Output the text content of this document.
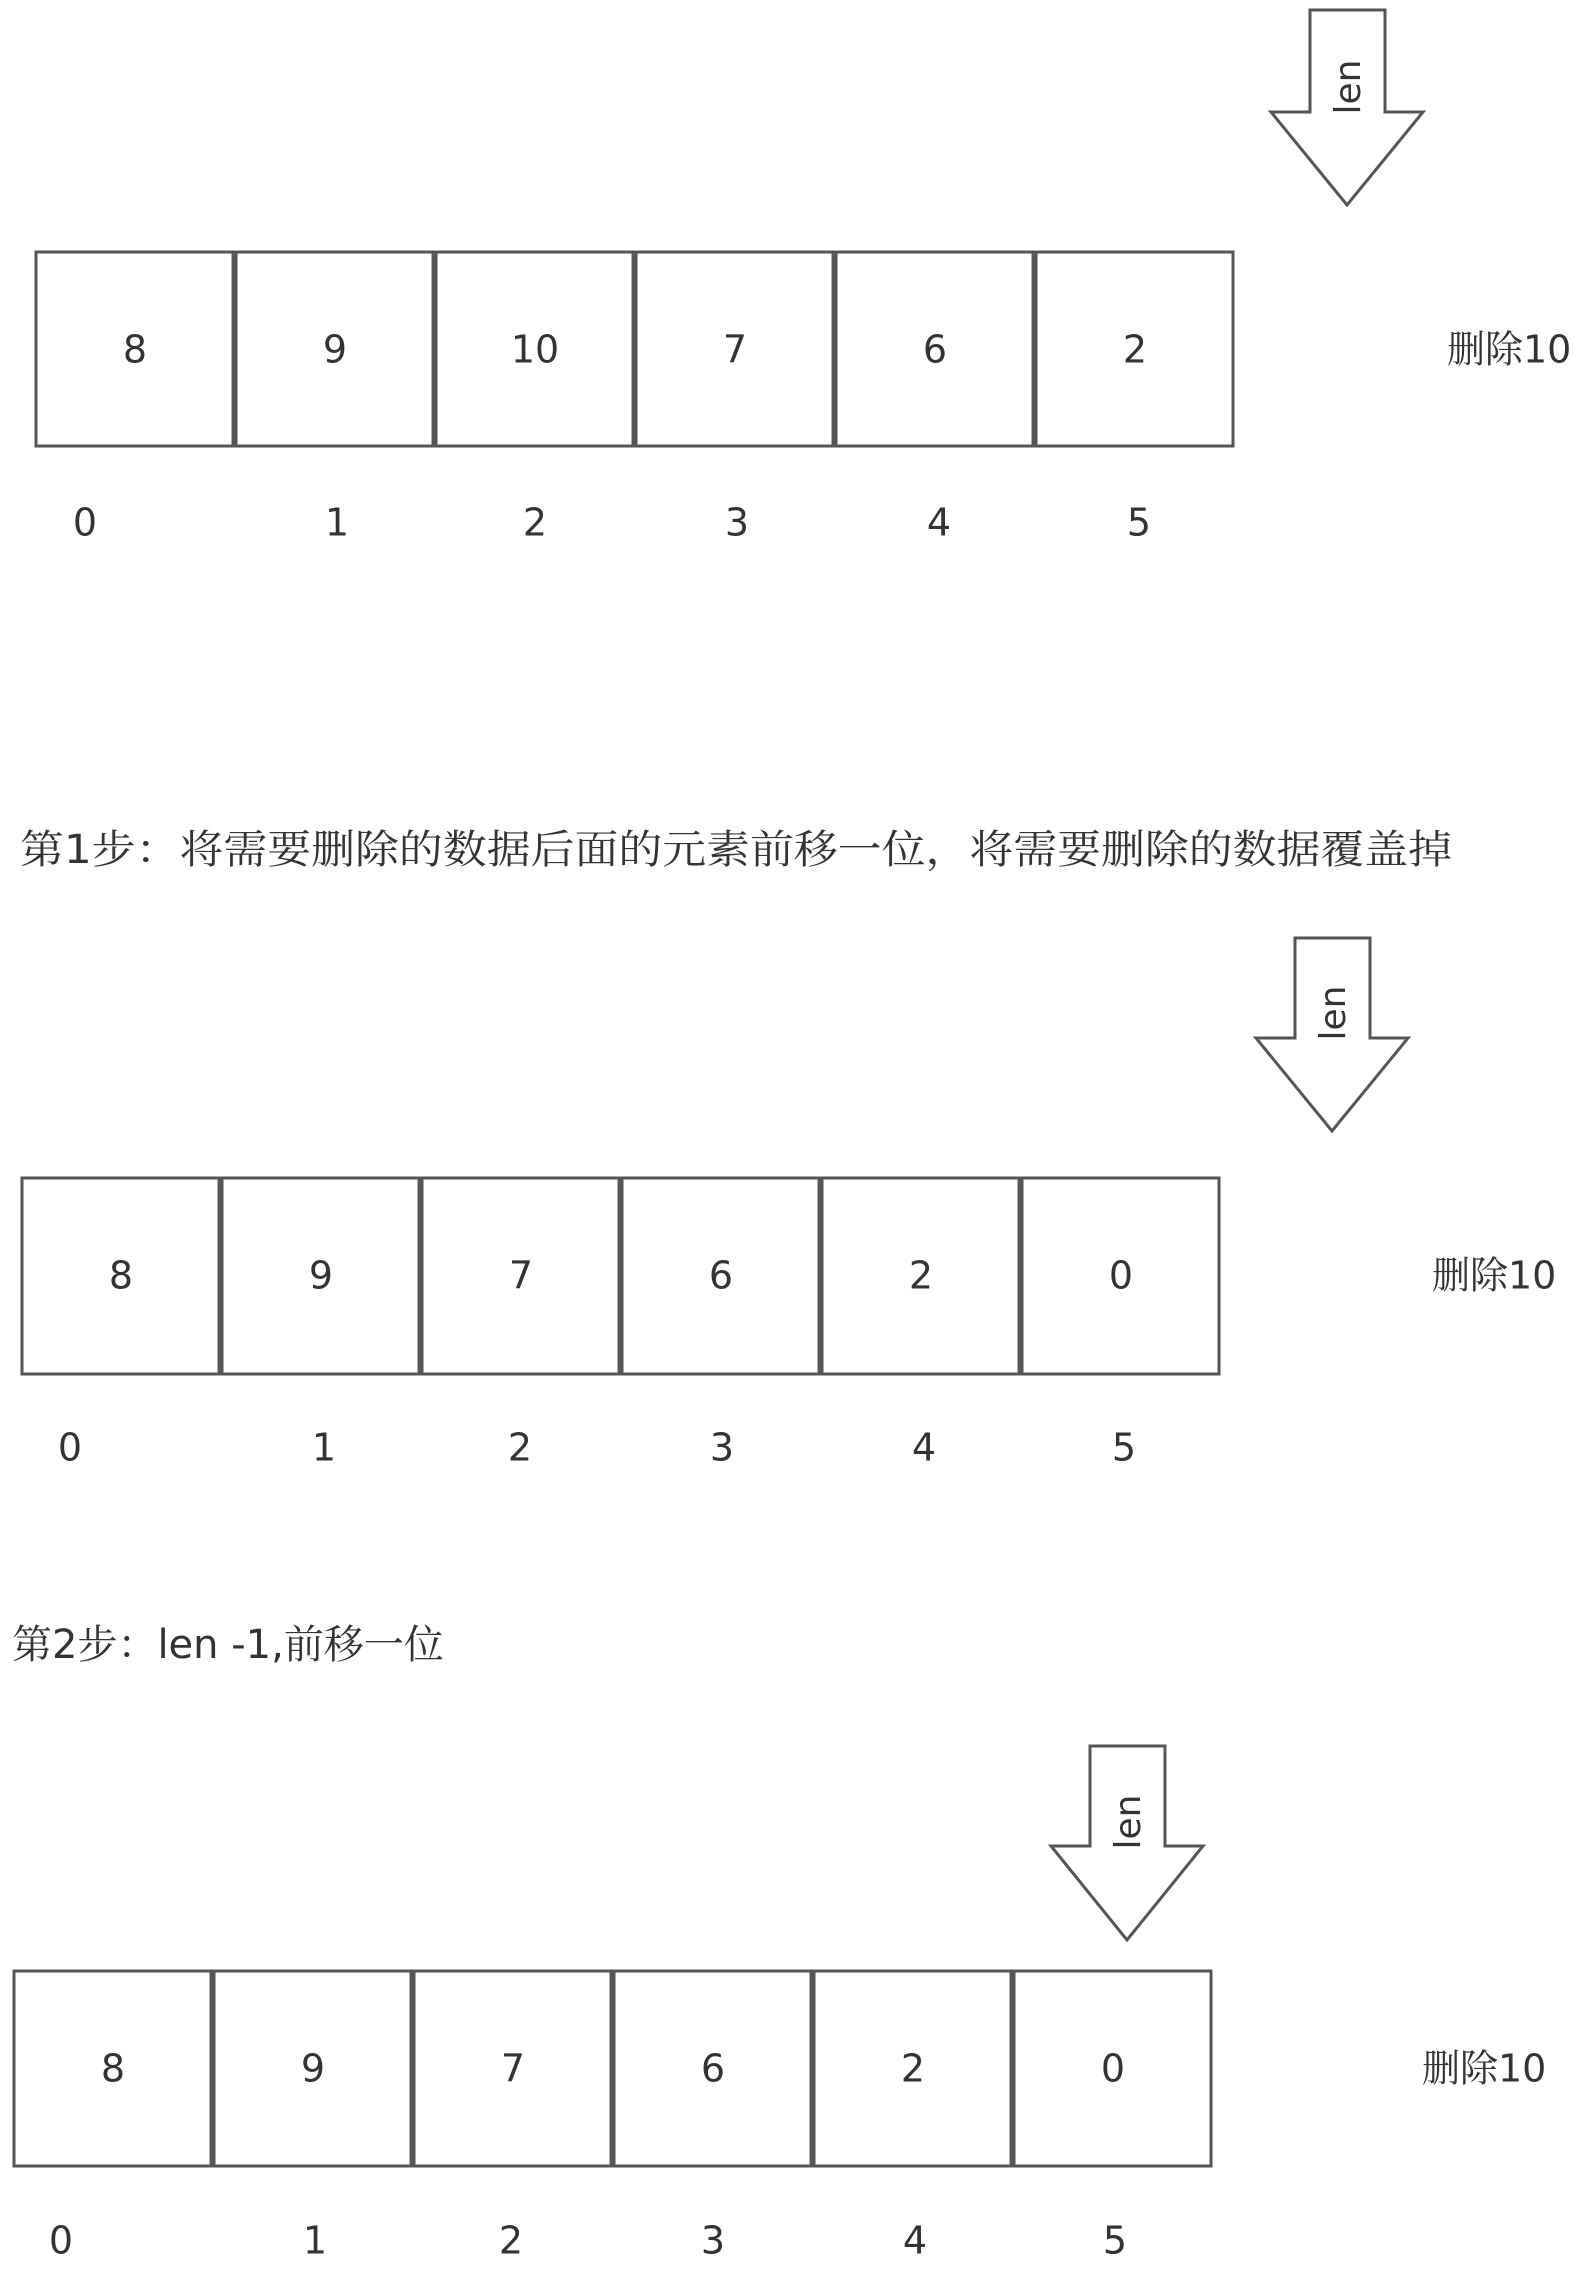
len
8	9	10	7	6	2	删除10
0	1	2	3	4	5
第1步：将需要删除的数据后面的元素前移一位，将需要删除的数据覆盖掉
len
8	9	7	6	2	0	删除10
0	1	2	3	4	5
第2步：len -1,前移一位
len
8	9	7	6	2	0	删除10
0	1	2	3	4	5
